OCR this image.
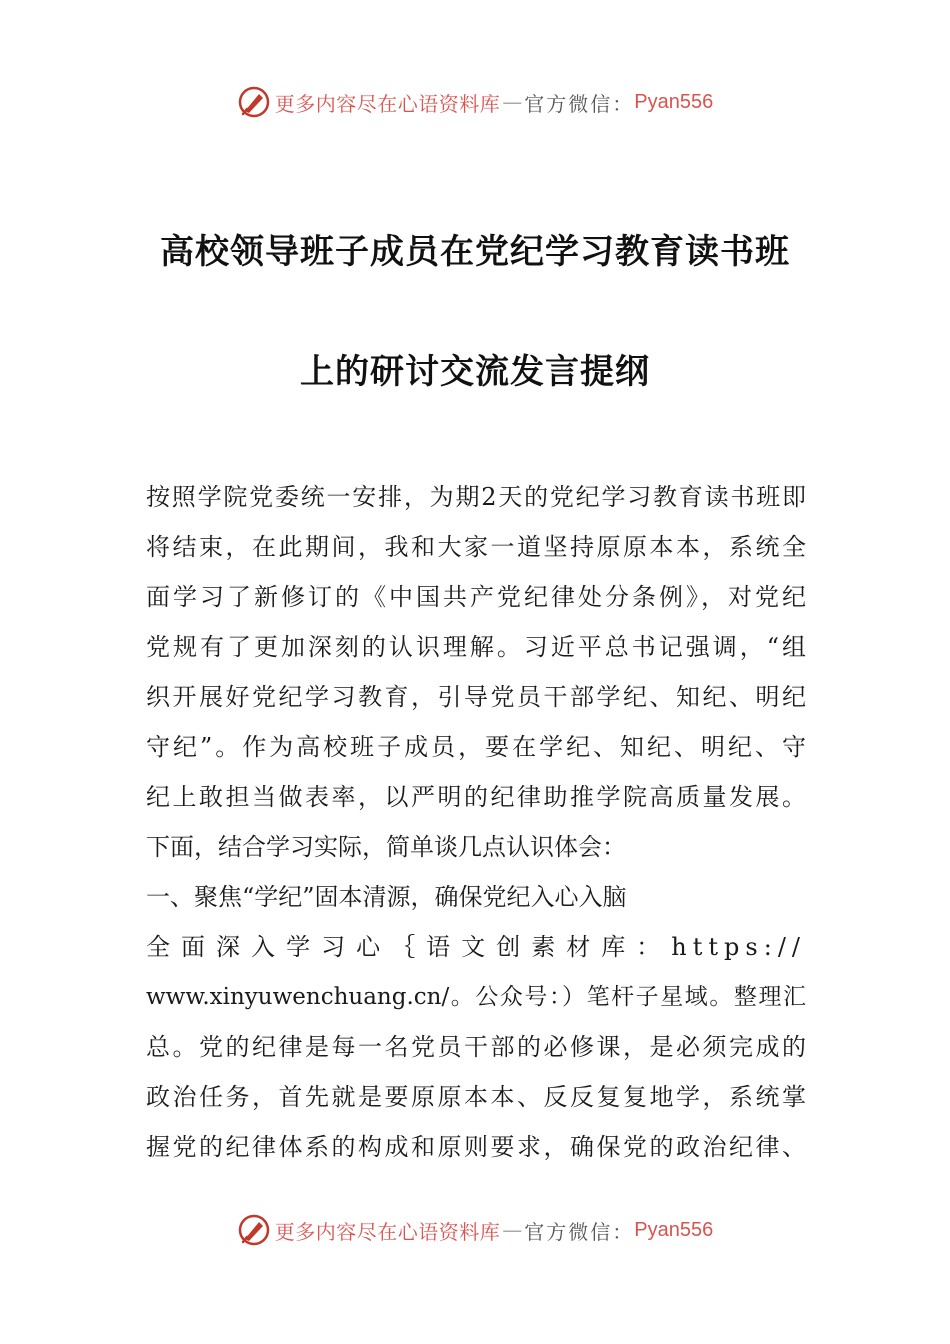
更多内容尽在心语资料库 — 官方微信： Pyan556
高校领导班子成员在党纪学习教育读书班
上的研讨交流发言提纲
按照学院党委统一安排，为期2天的党纪学习教育读书班即
将结束，在此期间，我和大家一道坚持原原本本，系统全
面学习了新修订的《中国共产党纪律处分条例》，对党纪
党规有了更加深刻的认识理解。习近平总书记强调，“组
织开展好党纪学习教育，引导党员干部学纪、知纪、明纪
守纪”。作为高校班子成员，要在学纪、知纪、明纪、守
纪上敢担当做表率，以严明的纪律助推学院高质量发展。
下面，结合学习实际，简单谈几点认识体会：
一、聚焦“学纪”固本清源，确保党纪入心入脑
全面深入学习心｛语文创素材库：https://
www.xinyuwenchuang.cn/。公众号：）笔杆子星域。整理汇
总。党的纪律是每一名党员干部的必修课，是必须完成的
政治任务，首先就是要原原本本、反反复复地学，系统掌
握党的纪律体系的构成和原则要求，确保党的政治纪律、
更多内容尽在心语资料库 — 官方微信： Pyan556
